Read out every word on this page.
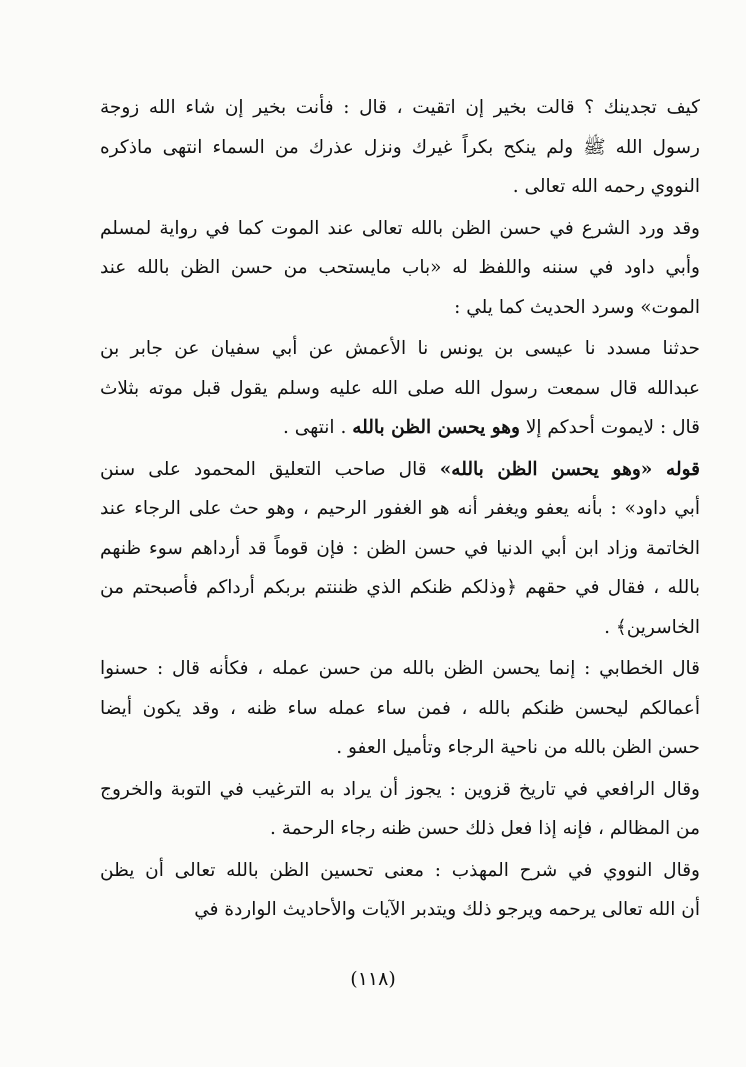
كيف تجدينك ؟ قالت بخير إن اتقيت ، قال : فأنت بخير إن شاء الله زوجة
رسول الله ﷺ ولم ينكح بكراً غيرك ونزل عذرك من السماء انتهى ماذكره
النووي رحمه الله تعالى .
وقد ورد الشرع في حسن الظن بالله تعالى عند الموت كما في رواية لمسلم
وأبي داود في سننه واللفظ له «باب مايستحب من حسن الظن بالله عند
الموت» وسرد الحديث كما يلي :
حدثنا مسدد نا عيسى بن يونس نا الأعمش عن أبي سفيان عن جابر بن
عبدالله قال سمعت رسول الله صلى الله عليه وسلم يقول قبل موته بثلاث
قال : لايموت أحدكم إلا وهو يحسن الظن بالله . انتهى .
قوله «وهو يحسن الظن بالله» قال صاحب التعليق المحمود على سنن
أبي داود» : بأنه يعفو ويغفر أنه هو الغفور الرحيم ، وهو حث على الرجاء عند
الخاتمة وزاد ابن أبي الدنيا في حسن الظن : فإن قوماً قد أرداهم سوء ظنهم
بالله ، فقال في حقهم ﴿وذلكم ظنكم الذي ظننتم بربكم أرداكم فأصبحتم من
الخاسرين﴾ .
قال الخطابي : إنما يحسن الظن بالله من حسن عمله ، فكأنه قال : حسنوا
أعمالكم ليحسن ظنكم بالله ، فمن ساء عمله ساء ظنه ، وقد يكون أيضا
حسن الظن بالله من ناحية الرجاء وتأميل العفو .
وقال الرافعي في تاريخ قزوين : يجوز أن يراد به الترغيب في التوبة والخروج
من المظالم ، فإنه إذا فعل ذلك حسن ظنه رجاء الرحمة .
وقال النووي في شرح المهذب : معنى تحسين الظن بالله تعالى أن يظن
أن الله تعالى يرحمه ويرجو ذلك ويتدبر الآيات والأحاديث الواردة في
(١١٨)
